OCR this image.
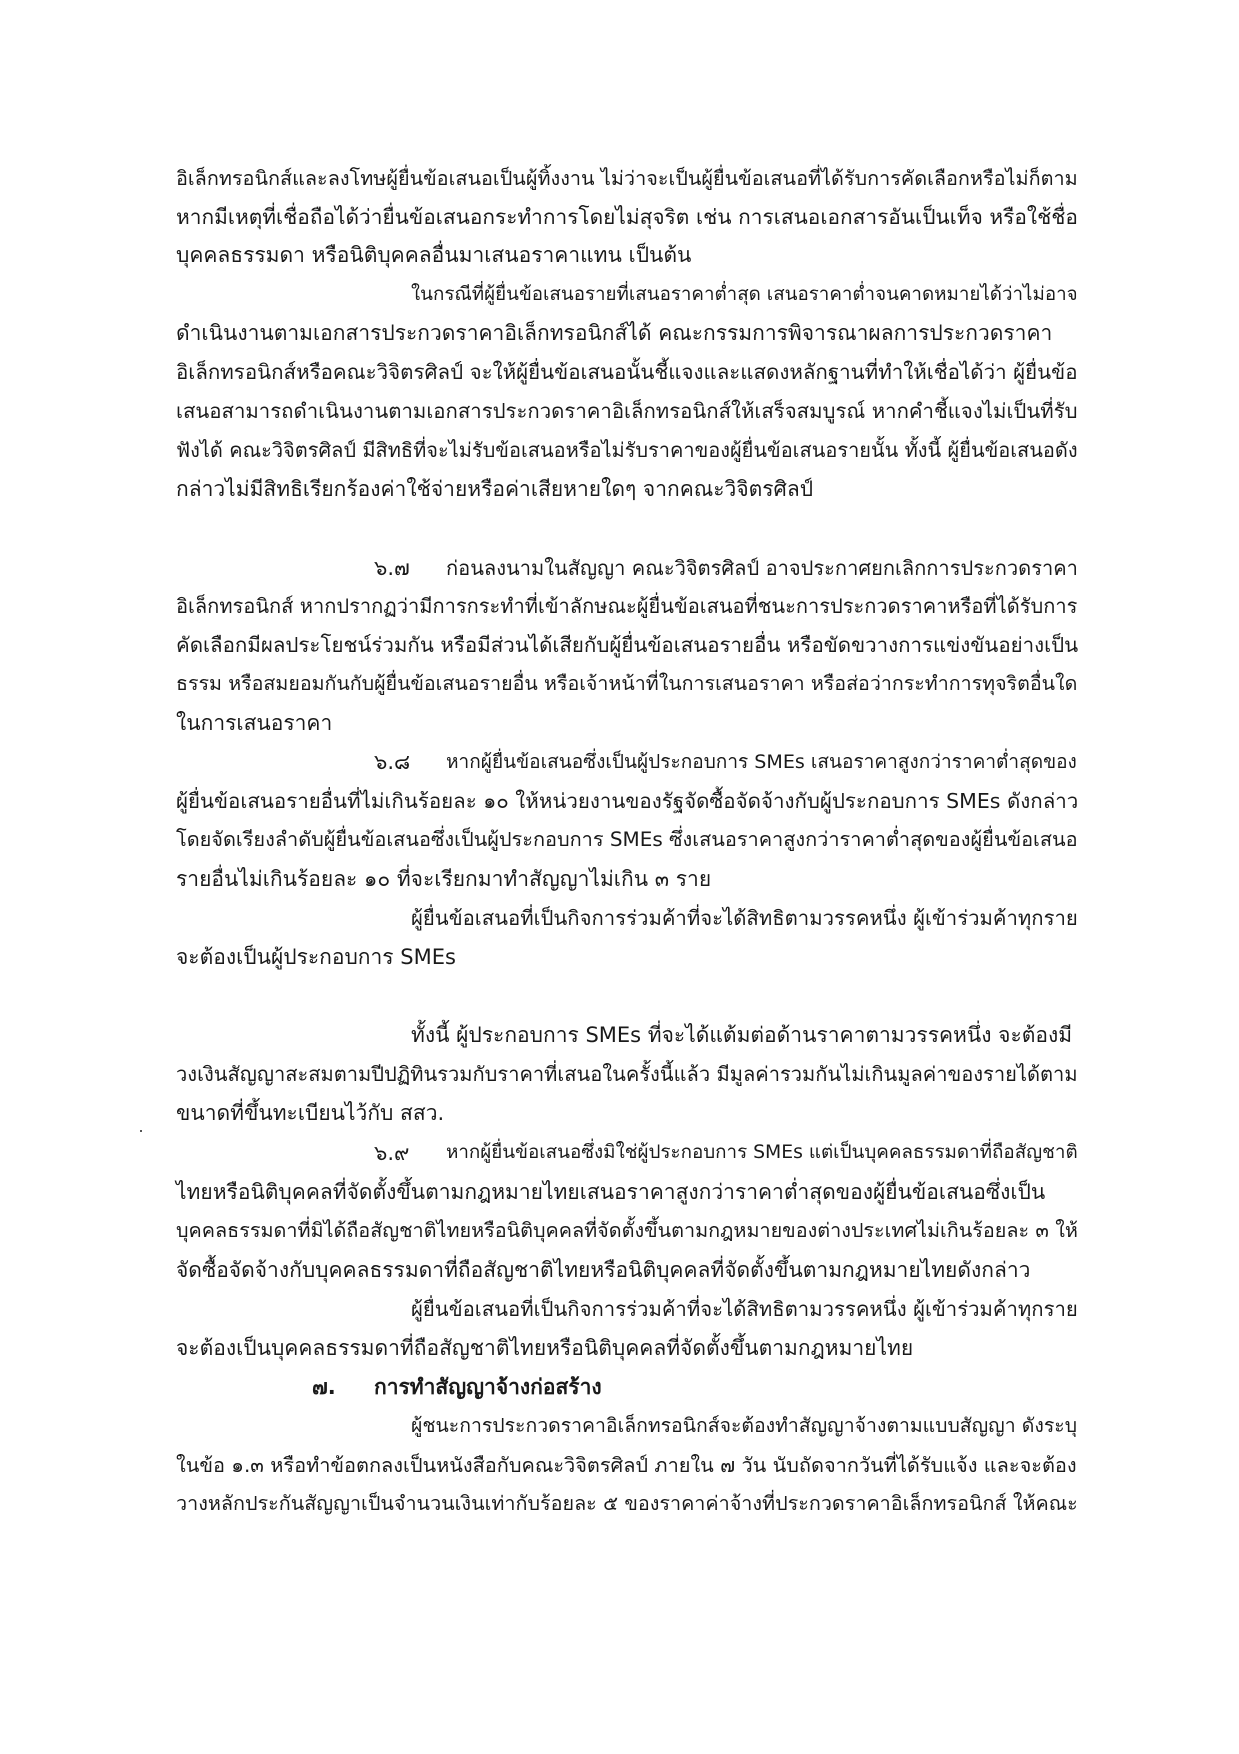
อิเล็กทรอนิกส์และลงโทษผู้ยื่นข้อเสนอเป็นผู้ทิ้งงาน ไม่ว่าจะเป็นผู้ยื่นข้อเสนอที่ได้รับการคัดเลือกหรือไม่ก็ตาม

หากมีเหตุที่เชื่อถือได้ว่ายื่นข้อเสนอกระทำการโดยไม่สุจริต เช่น การเสนอเอกสารอันเป็นเท็จ หรือใช้ชื่อ

บุคคลธรรมดา หรือนิติบุคคลอื่นมาเสนอราคาแทน เป็นต้น

ในกรณีที่ผู้ยื่นข้อเสนอรายที่เสนอราคาต่ำสุด เสนอราคาต่ำจนคาดหมายได้ว่าไม่อาจ

ดำเนินงานตามเอกสารประกวดราคาอิเล็กทรอนิกส์ได้ คณะกรรมการพิจารณาผลการประกวดราคา

อิเล็กทรอนิกส์หรือคณะวิจิตรศิลป์ จะให้ผู้ยื่นข้อเสนอนั้นชี้แจงและแสดงหลักฐานที่ทำให้เชื่อได้ว่า ผู้ยื่นข้อ

เสนอสามารถดำเนินงานตามเอกสารประกวดราคาอิเล็กทรอนิกส์ให้เสร็จสมบูรณ์ หากคำชี้แจงไม่เป็นที่รับ

ฟังได้ คณะวิจิตรศิลป์ มีสิทธิที่จะไม่รับข้อเสนอหรือไม่รับราคาของผู้ยื่นข้อเสนอรายนั้น ทั้งนี้ ผู้ยื่นข้อเสนอดัง

กล่าวไม่มีสิทธิเรียกร้องค่าใช้จ่ายหรือค่าเสียหายใดๆ จากคณะวิจิตรศิลป์

๖.๗ ก่อนลงนามในสัญญา คณะวิจิตรศิลป์ อาจประกาศยกเลิกการประกวดราคา

อิเล็กทรอนิกส์ หากปรากฏว่ามีการกระทำที่เข้าลักษณะผู้ยื่นข้อเสนอที่ชนะการประกวดราคาหรือที่ได้รับการ

คัดเลือกมีผลประโยชน์ร่วมกัน หรือมีส่วนได้เสียกับผู้ยื่นข้อเสนอรายอื่น หรือขัดขวางการแข่งขันอย่างเป็น

ธรรม หรือสมยอมกันกับผู้ยื่นข้อเสนอรายอื่น หรือเจ้าหน้าที่ในการเสนอราคา หรือส่อว่ากระทำการทุจริตอื่นใด

ในการเสนอราคา

๖.๘ หากผู้ยื่นข้อเสนอซึ่งเป็นผู้ประกอบการ SMEs เสนอราคาสูงกว่าราคาต่ำสุดของ

ผู้ยื่นข้อเสนอรายอื่นที่ไม่เกินร้อยละ ๑๐ ให้หน่วยงานของรัฐจัดซื้อจัดจ้างกับผู้ประกอบการ SMEs ดังกล่าว

โดยจัดเรียงลำดับผู้ยื่นข้อเสนอซึ่งเป็นผู้ประกอบการ SMEs ซึ่งเสนอราคาสูงกว่าราคาต่ำสุดของผู้ยื่นข้อเสนอ

รายอื่นไม่เกินร้อยละ ๑๐ ที่จะเรียกมาทำสัญญาไม่เกิน ๓ ราย

ผู้ยื่นข้อเสนอที่เป็นกิจการร่วมค้าที่จะได้สิทธิตามวรรคหนึ่ง ผู้เข้าร่วมค้าทุกราย

จะต้องเป็นผู้ประกอบการ SMEs

ทั้งนี้ ผู้ประกอบการ SMEs ที่จะได้แต้มต่อด้านราคาตามวรรคหนึ่ง จะต้องมี

วงเงินสัญญาสะสมตามปีปฏิทินรวมกับราคาที่เสนอในครั้งนี้แล้ว มีมูลค่ารวมกันไม่เกินมูลค่าของรายได้ตาม

ขนาดที่ขึ้นทะเบียนไว้กับ สสว.

๖.๙ หากผู้ยื่นข้อเสนอซึ่งมิใช่ผู้ประกอบการ SMEs แต่เป็นบุคคลธรรมดาที่ถือสัญชาติ

ไทยหรือนิติบุคคลที่จัดตั้งขึ้นตามกฎหมายไทยเสนอราคาสูงกว่าราคาต่ำสุดของผู้ยื่นข้อเสนอซึ่งเป็น

บุคคลธรรมดาที่มิได้ถือสัญชาติไทยหรือนิติบุคคลที่จัดตั้งขึ้นตามกฎหมายของต่างประเทศไม่เกินร้อยละ ๓ ให้

จัดซื้อจัดจ้างกับบุคคลธรรมดาที่ถือสัญชาติไทยหรือนิติบุคคลที่จัดตั้งขึ้นตามกฎหมายไทยดังกล่าว

ผู้ยื่นข้อเสนอที่เป็นกิจการร่วมค้าที่จะได้สิทธิตามวรรคหนึ่ง ผู้เข้าร่วมค้าทุกราย

จะต้องเป็นบุคคลธรรมดาที่ถือสัญชาติไทยหรือนิติบุคคลที่จัดตั้งขึ้นตามกฎหมายไทย

๗. การทำสัญญาจ้างก่อสร้าง

ผู้ชนะการประกวดราคาอิเล็กทรอนิกส์จะต้องทำสัญญาจ้างตามแบบสัญญา ดังระบุ

ในข้อ ๑.๓ หรือทำข้อตกลงเป็นหนังสือกับคณะวิจิตรศิลป์ ภายใน ๗ วัน นับถัดจากวันที่ได้รับแจ้ง และจะต้อง

วางหลักประกันสัญญาเป็นจำนวนเงินเท่ากับร้อยละ ๕ ของราคาค่าจ้างที่ประกวดราคาอิเล็กทรอนิกส์ ให้คณะ
